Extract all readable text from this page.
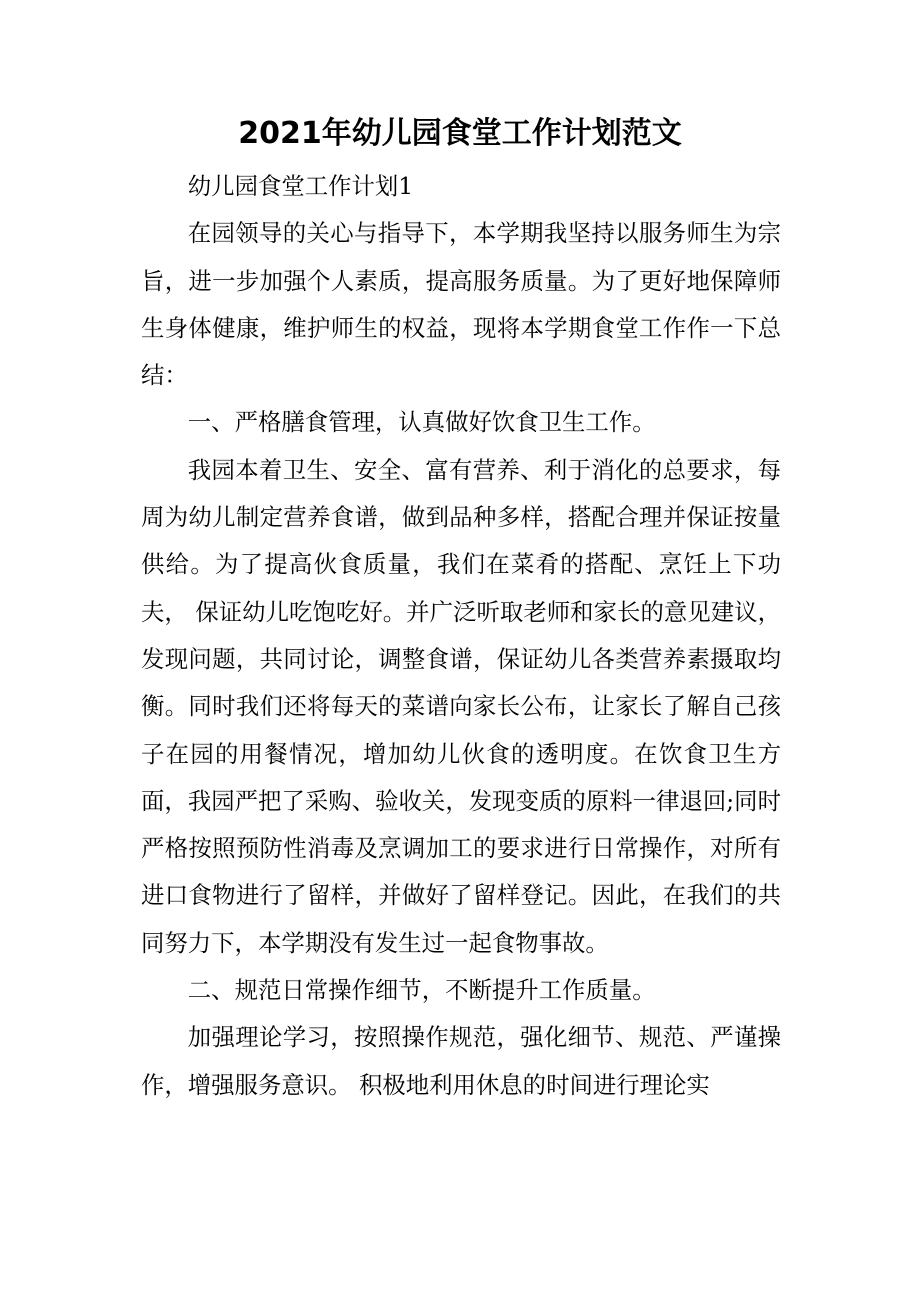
2021年幼儿园食堂工作计划范文

幼儿园食堂工作计划1

在园领导的关心与指导下，本学期我坚持以服务师生为宗旨，进一步加强个人素质，提高服务质量。为了更好地保障师生身体健康，维护师生的权益，现将本学期食堂工作作一下总结：

一、严格膳食管理，认真做好饮食卫生工作。

我园本着卫生、安全、富有营养、利于消化的总要求，每周为幼儿制定营养食谱，做到品种多样，搭配合理并保证按量供给。为了提高伙食质量，我们在菜肴的搭配、烹饪上下功夫， 保证幼儿吃饱吃好。并广泛听取老师和家长的意见建议，发现问题，共同讨论，调整食谱，保证幼儿各类营养素摄取均衡。同时我们还将每天的菜谱向家长公布，让家长了解自己孩子在园的用餐情况，增加幼儿伙食的透明度。在饮食卫生方面，我园严把了采购、验收关，发现变质的原料一律退回;同时严格按照预防性消毒及烹调加工的要求进行日常操作，对所有进口食物进行了留样，并做好了留样登记。因此，在我们的共同努力下，本学期没有发生过一起食物事故。

二、规范日常操作细节，不断提升工作质量。

加强理论学习，按照操作规范，强化细节、规范、严谨操作，增强服务意识。 积极地利用休息的时间进行理论实
